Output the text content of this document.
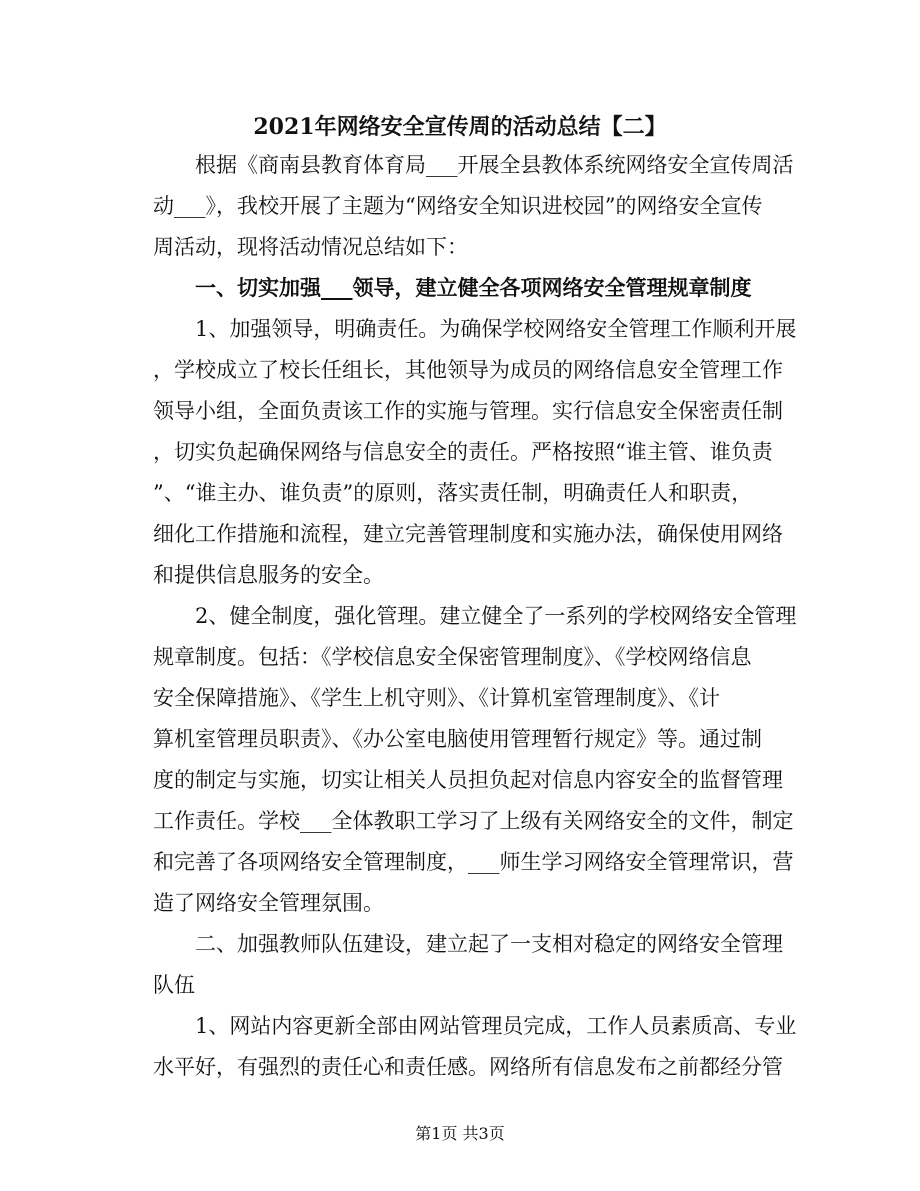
2021年网络安全宣传周的活动总结【二】
　　根据《商南县教育体育局___开展全县教体系统网络安全宣传周活
动___》，我校开展了主题为“网络安全知识进校园”的网络安全宣传
周活动，现将活动情况总结如下：
　　一、切实加强___领导，建立健全各项网络安全管理规章制度
　　1、加强领导，明确责任。为确保学校网络安全管理工作顺利开展
，学校成立了校长任组长，其他领导为成员的网络信息安全管理工作
领导小组，全面负责该工作的实施与管理。实行信息安全保密责任制
，切实负起确保网络与信息安全的责任。严格按照“谁主管、谁负责
”、“谁主办、谁负责”的原则，落实责任制，明确责任人和职责，
细化工作措施和流程，建立完善管理制度和实施办法，确保使用网络
和提供信息服务的安全。
　　2、健全制度，强化管理。建立健全了一系列的学校网络安全管理
规章制度。包括：《学校信息安全保密管理制度》、《学校网络信息
安全保障措施》、《学生上机守则》、《计算机室管理制度》、《计
算机室管理员职责》、《办公室电脑使用管理暂行规定》等。通过制
度的制定与实施，切实让相关人员担负起对信息内容安全的监督管理
工作责任。学校___全体教职工学习了上级有关网络安全的文件，制定
和完善了各项网络安全管理制度，___师生学习网络安全管理常识，营
造了网络安全管理氛围。
　　二、加强教师队伍建设，建立起了一支相对稳定的网络安全管理
队伍
　　1、网站内容更新全部由网站管理员完成，工作人员素质高、专业
水平好，有强烈的责任心和责任感。网络所有信息发布之前都经分管
第1页 共3页
